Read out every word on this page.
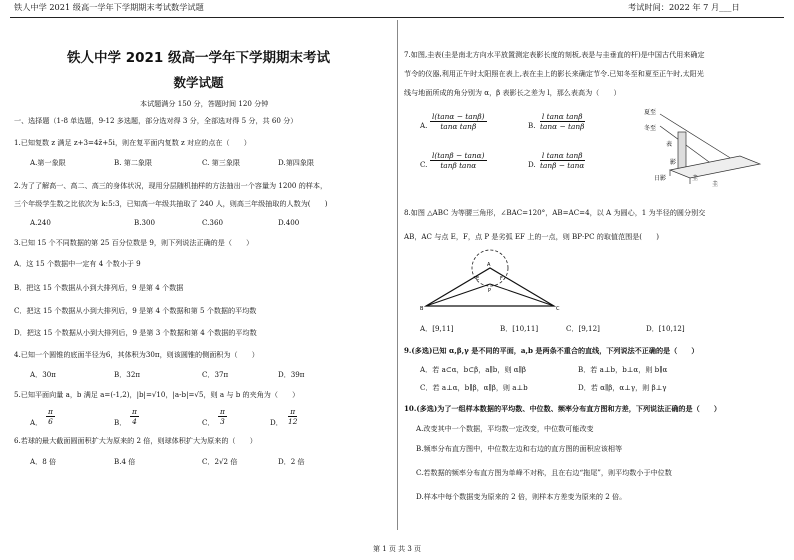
铁人中学 2021 级高一学年下学期期末考试数学试题	考试时间：2022 年 7 月___日
铁人中学 2021 级高一学年下学期期末考试
数学试题
本试题满分 150 分，答题时间 120 分钟
一、选择题（1-8 单选题，9-12 多选题，部分选对得 3 分，全部选对得 5 分，共 60 分）
1.已知复数 z 满足 z+3=4z̄+5i，则在复平面内复数 z 对应的点在（　　）
A.第一象限	B. 第二象限	C. 第三象限	D.第四象限
2.为了了解高一、高二、高三的身体状况，现用分层随机抽样的方法抽出一个容量为 1200 的样本，
三个年级学生数之比依次为 k:5:3，已知高一年级共抽取了 240 人，则高三年级抽取的人数为(　　)
A.240	B.300	C.360	D.400
3.已知 15 个不同数据的第 25 百分位数是 9，则下列说法正确的是（　　）
A．这 15 个数据中一定有 4 个数小于 9
B．把这 15 个数据从小到大排列后，9 是第 4 个数据
C．把这 15 个数据从小到大排列后，9 是第 4 个数据和第 5 个数据的平均数
D．把这 15 个数据从小到大排列后，9 是第 3 个数据和第 4 个数据的平均数
4.已知一个圆锥的底面半径为6，其体积为30π，则该圆锥的侧面积为（　　）
A．30π	B．32π	C．37π	D．39π
5.已知平面向量 a，b 满足 a=(-1,2)，|b|=√10，|a-b|=√5，则 a 与 b 的夹角为（　　）
A．
π
6	B．
π
4	C．
π
3	D．
π
12
6.若球的最大截面圆面积扩大为原来的 2 倍，则球体积扩大为原来的（　　）
A．8 倍	B.4 倍	C．2√2 倍	D．2 倍
7.如图,圭表(圭是南北方向水平放置测定表影长度的刻板,表是与圭垂直的杆)是中国古代用来确定
节令的仪器,利用正午时太阳照在表上,表在圭上的影长来确定节令.已知冬至和夏至正午时,太阳光
线与地面所成的角分别为 α，β 表影长之差为 l，那么表高为（　　）
A.
l(tanα − tanβ)
tanα tanβ	B.
l tanα tanβ
tanα − tanβ
C.
l(tanβ − tanα)
tanβ tanα	D.
l tanα tanβ
tanβ − tanα
夏至
冬至
表
圭
日影
圭
影
8.如图 △ABC 为等腰三角形，∠BAC=120°，AB=AC=4，以 A 为圆心，1 为半径的圆分别交
AB，AC 与点 E，F，点 P 是劣弧 EF 上的一点，则 BP·PC 的取值范围是(　　)
B	C
A
E	F
P
A．[9,11]	B．[10,11]	C．[9,12]	D．[10,12]
9.(多选)已知 α,β,γ 是不同的平面，a,b 是两条不重合的直线，下列说法不正确的是（　　）
A．若 a⊂α，b⊂β，a∥b，则 α∥β	B．若 a⊥b，b⊥α，则 b∥α
C．若 a⊥α，b∥β，α∥β，则 a⊥b	D．若 α∥β，α⊥γ，则 β⊥γ
10.(多选)为了一组样本数据的平均数、中位数、频率分布直方图和方差，下列说法正确的是（　　）
A.改变其中一个数据，平均数一定改变，中位数可能改变
B.频率分布直方图中，中位数左边和右边的直方图的面积应该相等
C.若数据的频率分布直方图为单峰不对称，且在右边“拖尾”，则平均数小于中位数
D.样本中每个数据变为原来的 2 倍，则样本方差变为原来的 2 倍。
第 1 页 共 3 页
